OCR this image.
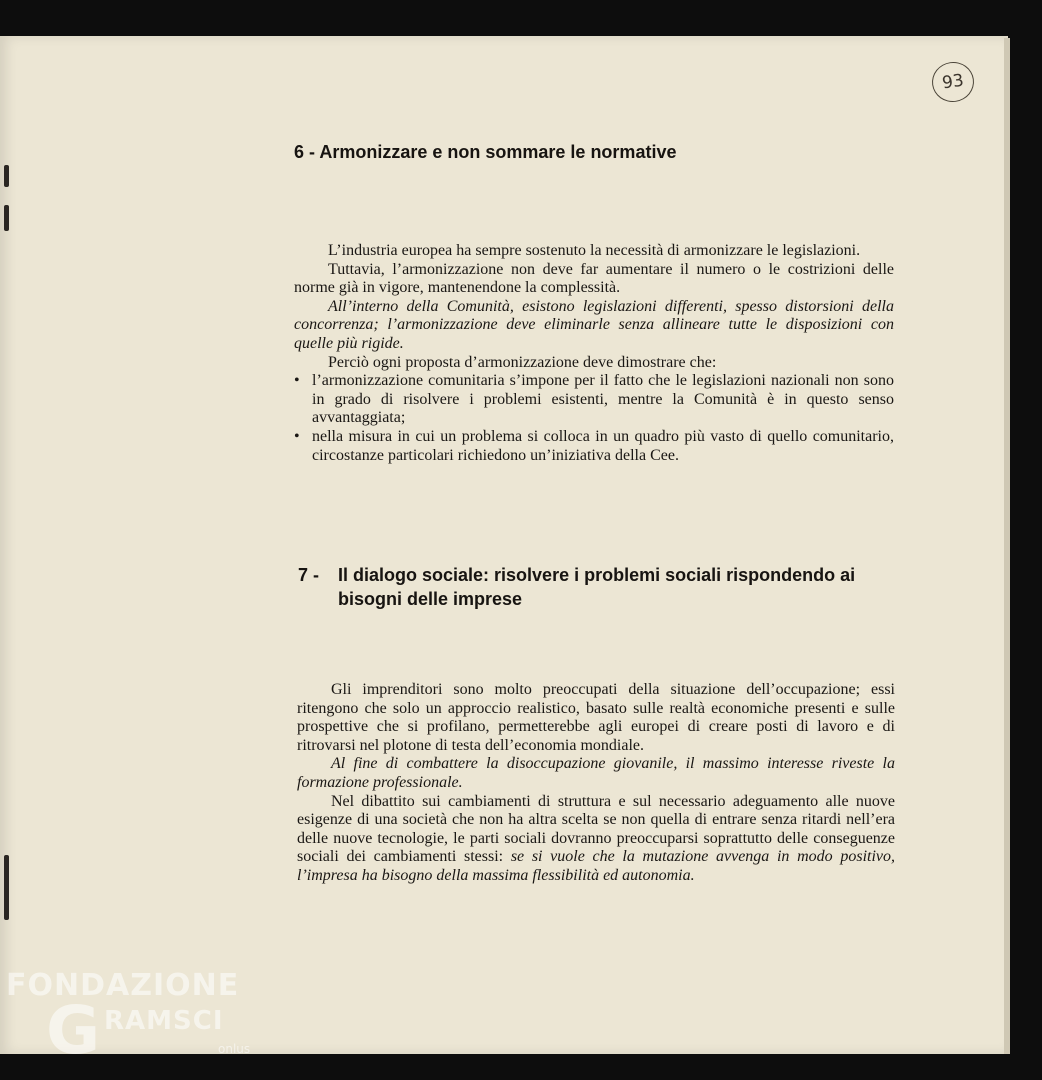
93
6 - Armonizzare e non sommare le normative

L’industria europea ha sempre sostenuto la necessità di armonizzare le legislazioni.

Tuttavia, l’armonizzazione non deve far aumentare il numero o le costrizioni delle norme già in vigore, mantenendone la complessità.

All’interno della Comunità, esistono legislazioni differenti, spesso distorsioni della concorrenza; l’armonizzazione deve eliminarle senza allineare tutte le disposizioni con quelle più rigide.

Perciò ogni proposta d’armonizzazione deve dimostrare che:

• l’armonizzazione comunitaria s’impone per il fatto che le legislazioni nazionali non sono in grado di risolvere i problemi esistenti, mentre la Comunità è in questo senso avvantaggiata;
• nella misura in cui un problema si colloca in un quadro più vasto di quello comunitario, circostanze particolari richiedono un’iniziativa della Cee.
7 -	Il dialogo sociale: risolvere i problemi sociali rispondendo ai
bisogni delle imprese

Gli imprenditori sono molto preoccupati della situazione dell’occupazione; essi ritengono che solo un approccio realistico, basato sulle realtà economiche presenti e sulle prospettive che si profilano, permetterebbe agli europei di creare posti di lavoro e di ritrovarsi nel plotone di testa dell’economia mondiale.

Al fine di combattere la disoccupazione giovanile, il massimo interesse riveste la formazione professionale.

Nel dibattito sui cambiamenti di struttura e sul necessario adeguamento alle nuove esigenze di una società che non ha altra scelta se non quella di entrare senza ritardi nell’era delle nuove tecnologie, le parti sociali dovranno preoccuparsi soprattutto delle conseguenze sociali dei cambiamenti stessi: se si vuole che la mutazione avvenga in modo positivo, l’impresa ha bisogno della massima flessibilità ed autonomia.

FONDAZIONE
G RAMSCI
onlus
